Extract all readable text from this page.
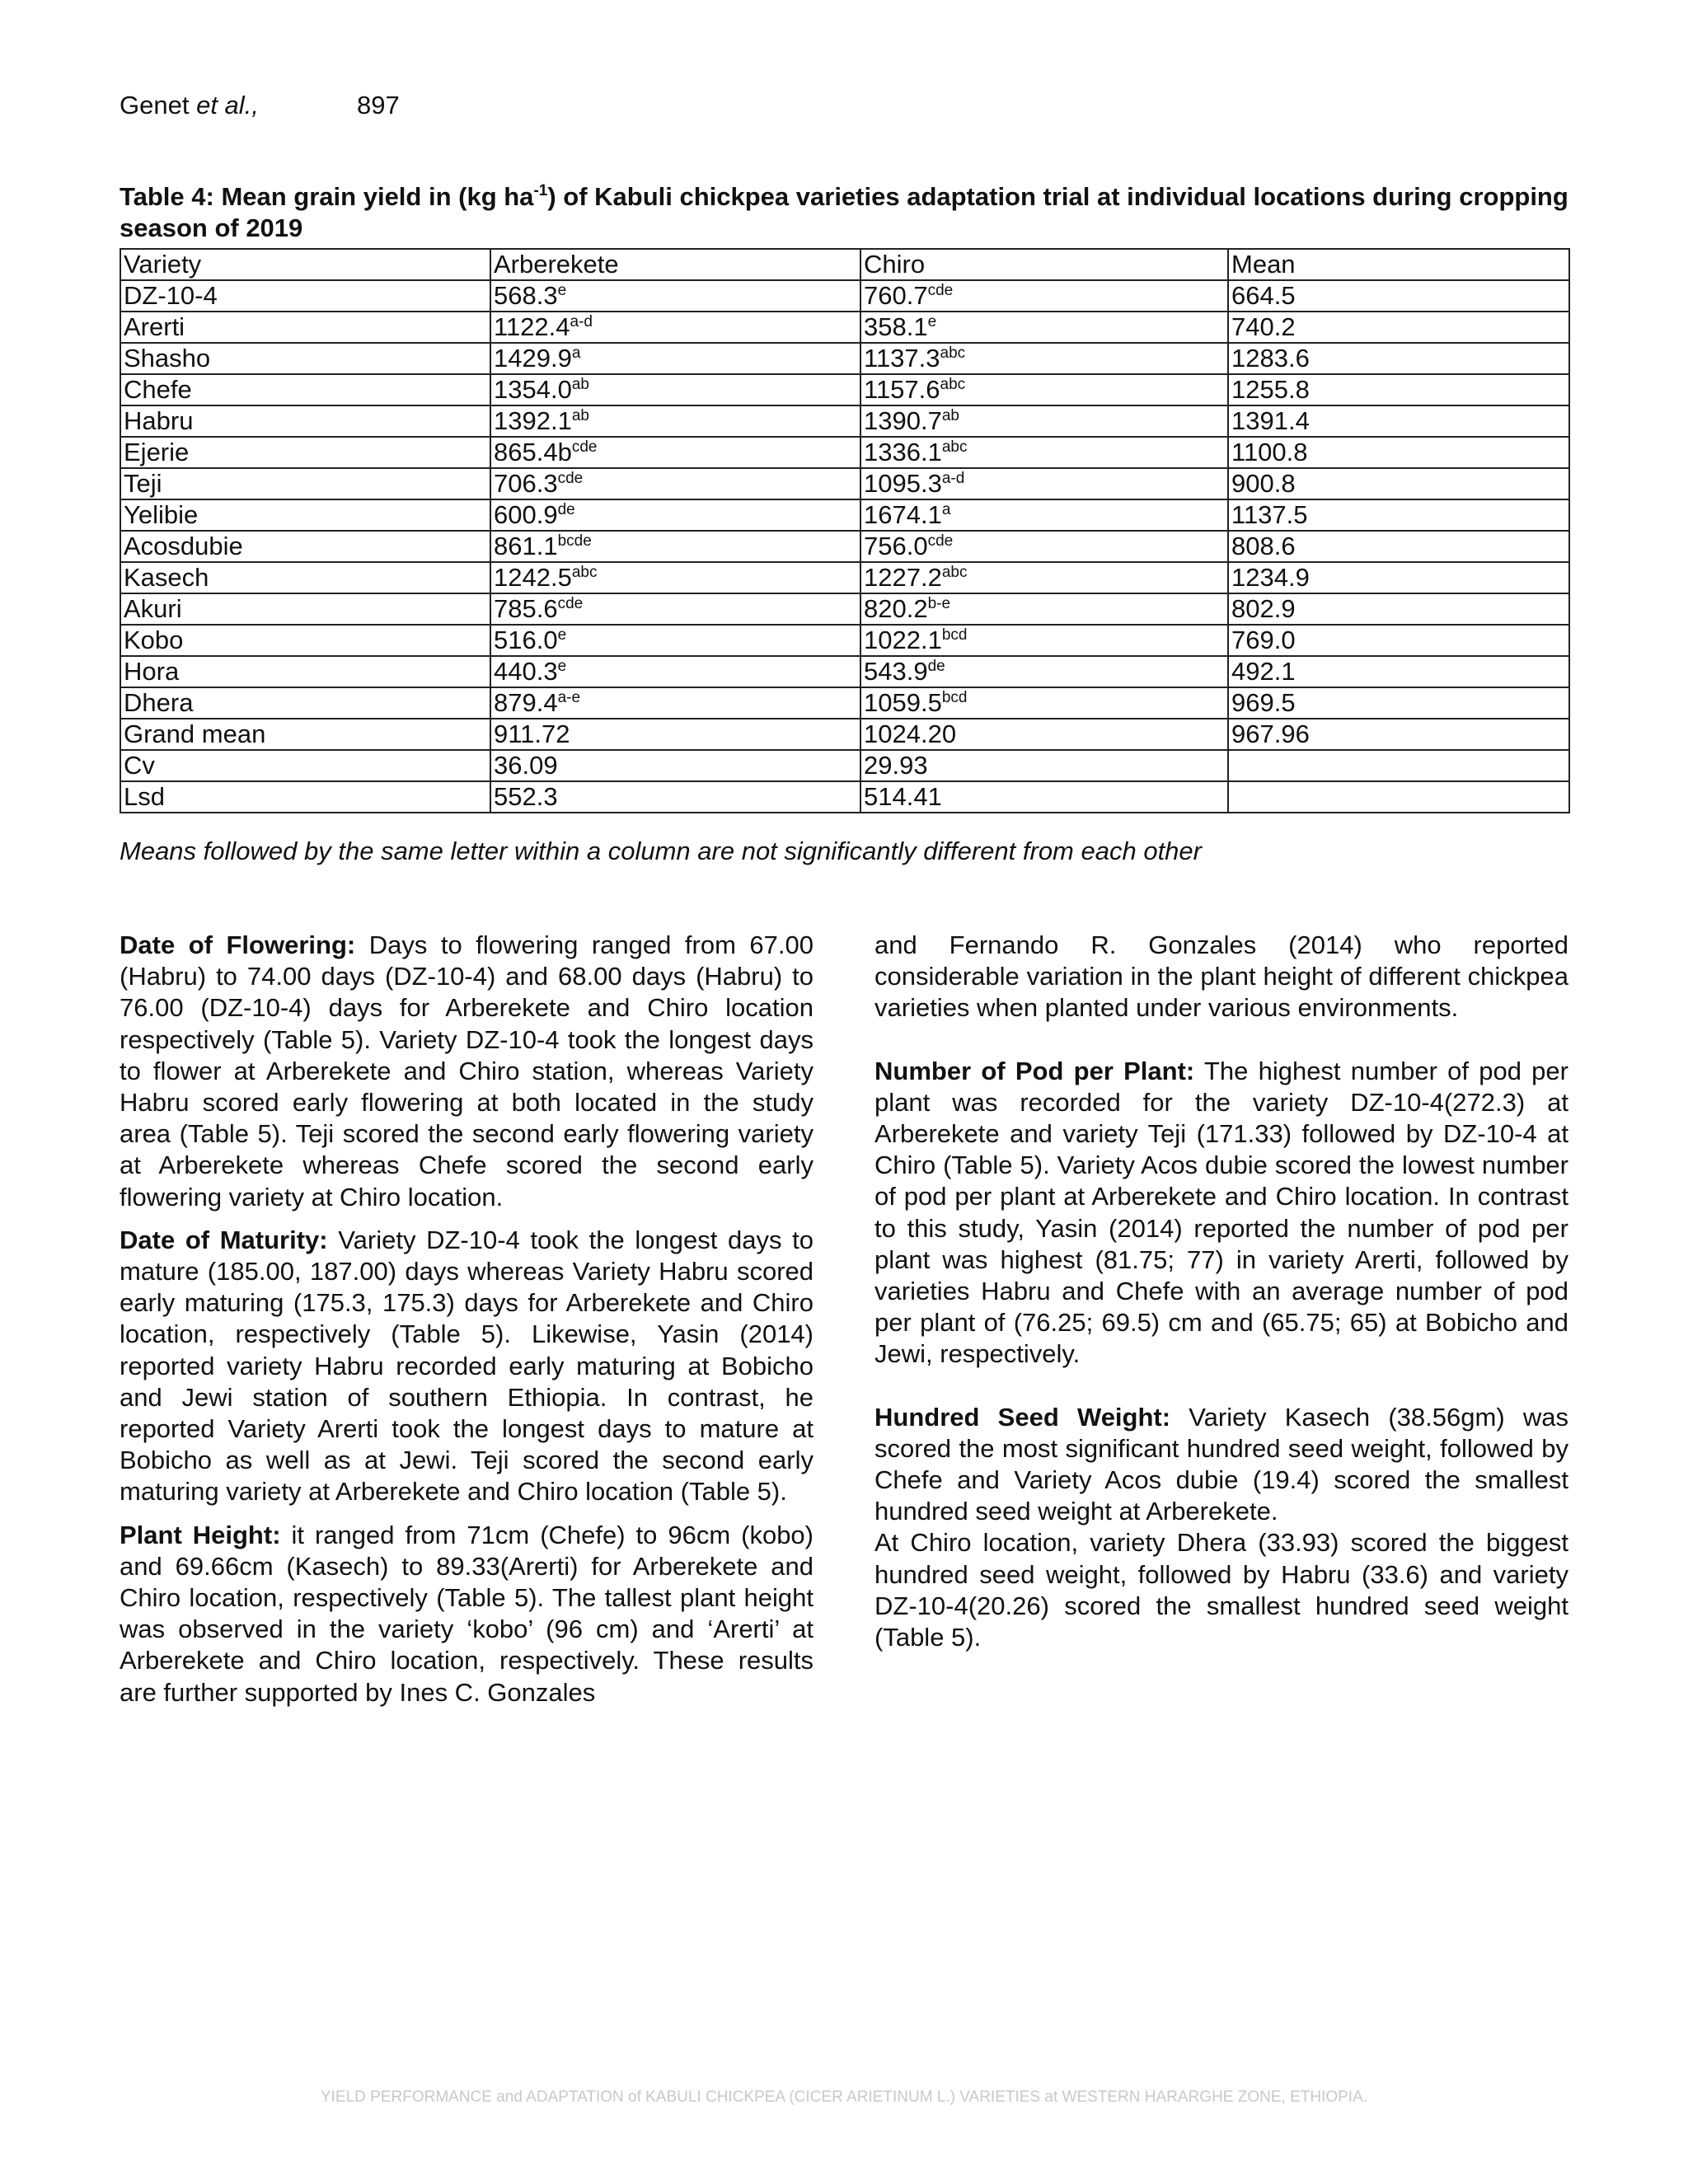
Genet et al.,	897
Table 4: Mean grain yield in (kg $ha^{-1}$) of Kabuli chickpea varieties adaptation trial at individual locations during cropping season of 2019
Variety	Arberekete	Chiro	Mean
DZ-10-4	568.3e	760.7$^{cde}$	664.5
Arerti	1122.4$^{a-d}$	358.1e	740.2
Shasho	1429.9$^a$	1137.3$^{abc}$	1283.6
Chefe	1354.0$^{ab}$	1157.6$^{abc}$	1255.8
Habru	1392.1$^{ab}$	1390.7$^{ab}$	1391.4
Ejerie	$865.4b^{cde}$	1336.1$^{abc}$	1100.8
Teji	706.3$^{cde}$	1095.3$^{a-d}$	900.8
Yelibie	600.9de	1674.1$^a$	1137.5
Acosdubie	$861.1^{bcde}$	756.0$^{cde}$	808.6
Kasech	1242.5$^{abc}$	1227.2$^{abc}$	1234.9
Akuri	785.6$^{cde}$	820.2$^{b-e}$	802.9
Kobo	516.0e	1022.1$^{bcd}$	769.0
Hora	440.3e	543.9de	492.1
Dhera	879.4$^{a-e}$	1059.5$^{bcd}$	969.5
Grand mean	911.72	1024.20	967.96
Cv	36.09	29.93	
Lsd	552.3	514.41	
Means followed by the same letter within a column are not significantly different from each other

Date of Flowering: Days to flowering ranged from 67.00 (Habru) to 74.00 days (DZ-10-4) and 68.00 days (Habru) to 76.00 (DZ-10-4) days for Arberekete and Chiro location respectively (Table 5). Variety DZ-10-4 took the longest days to flower at Arberekete and Chiro station, whereas Variety Habru scored early flowering at both located in the study area (Table 5). Teji scored the second early flowering variety at Arberekete whereas Chefe scored the second early flowering variety at Chiro location.

Date of Maturity: Variety DZ-10-4 took the longest days to mature (185.00, 187.00) days whereas Variety Habru scored early maturing (175.3, 175.3) days for Arberekete and Chiro location, respectively (Table 5). Likewise, Yasin (2014) reported variety Habru recorded early maturing at Bobicho and Jewi station of southern Ethiopia. In contrast, he reported Variety Arerti took the longest days to mature at Bobicho as well as at Jewi. Teji scored the second early maturing variety at Arberekete and Chiro location (Table 5).

Plant Height: it ranged from 71cm (Chefe) to 96cm (kobo) and 69.66cm (Kasech) to 89.33(Arerti) for Arberekete and Chiro location, respectively (Table 5). The tallest plant height was observed in the variety ‘kobo’ (96 cm) and ‘Arerti’ at Arberekete and Chiro location, respectively. These results are further supported by Ines C. Gonzales

and Fernando R. Gonzales (2014) who reported considerable variation in the plant height of different chickpea varieties when planted under various environments.

Number of Pod per Plant: The highest number of pod per plant was recorded for the variety DZ-10-4(272.3) at Arberekete and variety Teji (171.33) followed by DZ-10-4 at Chiro (Table 5). Variety Acos dubie scored the lowest number of pod per plant at Arberekete and Chiro location. In contrast to this study, Yasin (2014) reported the number of pod per plant was highest (81.75; 77) in variety Arerti, followed by varieties Habru and Chefe with an average number of pod per plant of (76.25; 69.5) cm and (65.75; 65) at Bobicho and Jewi, respectively.

Hundred Seed Weight: Variety Kasech (38.56gm) was scored the most significant hundred seed weight, followed by Chefe and Variety Acos dubie (19.4) scored the smallest hundred seed weight at Arberekete.

At Chiro location, variety Dhera (33.93) scored the biggest hundred seed weight, followed by Habru (33.6) and variety DZ-10-4(20.26) scored the smallest hundred seed weight (Table 5).

YIELD PERFORMANCE and ADAPTATION of KABULI CHICKPEA (CICER ARIETINUM L.) VARIETIES at WESTERN HARARGHE ZONE, ETHIOPIA.
